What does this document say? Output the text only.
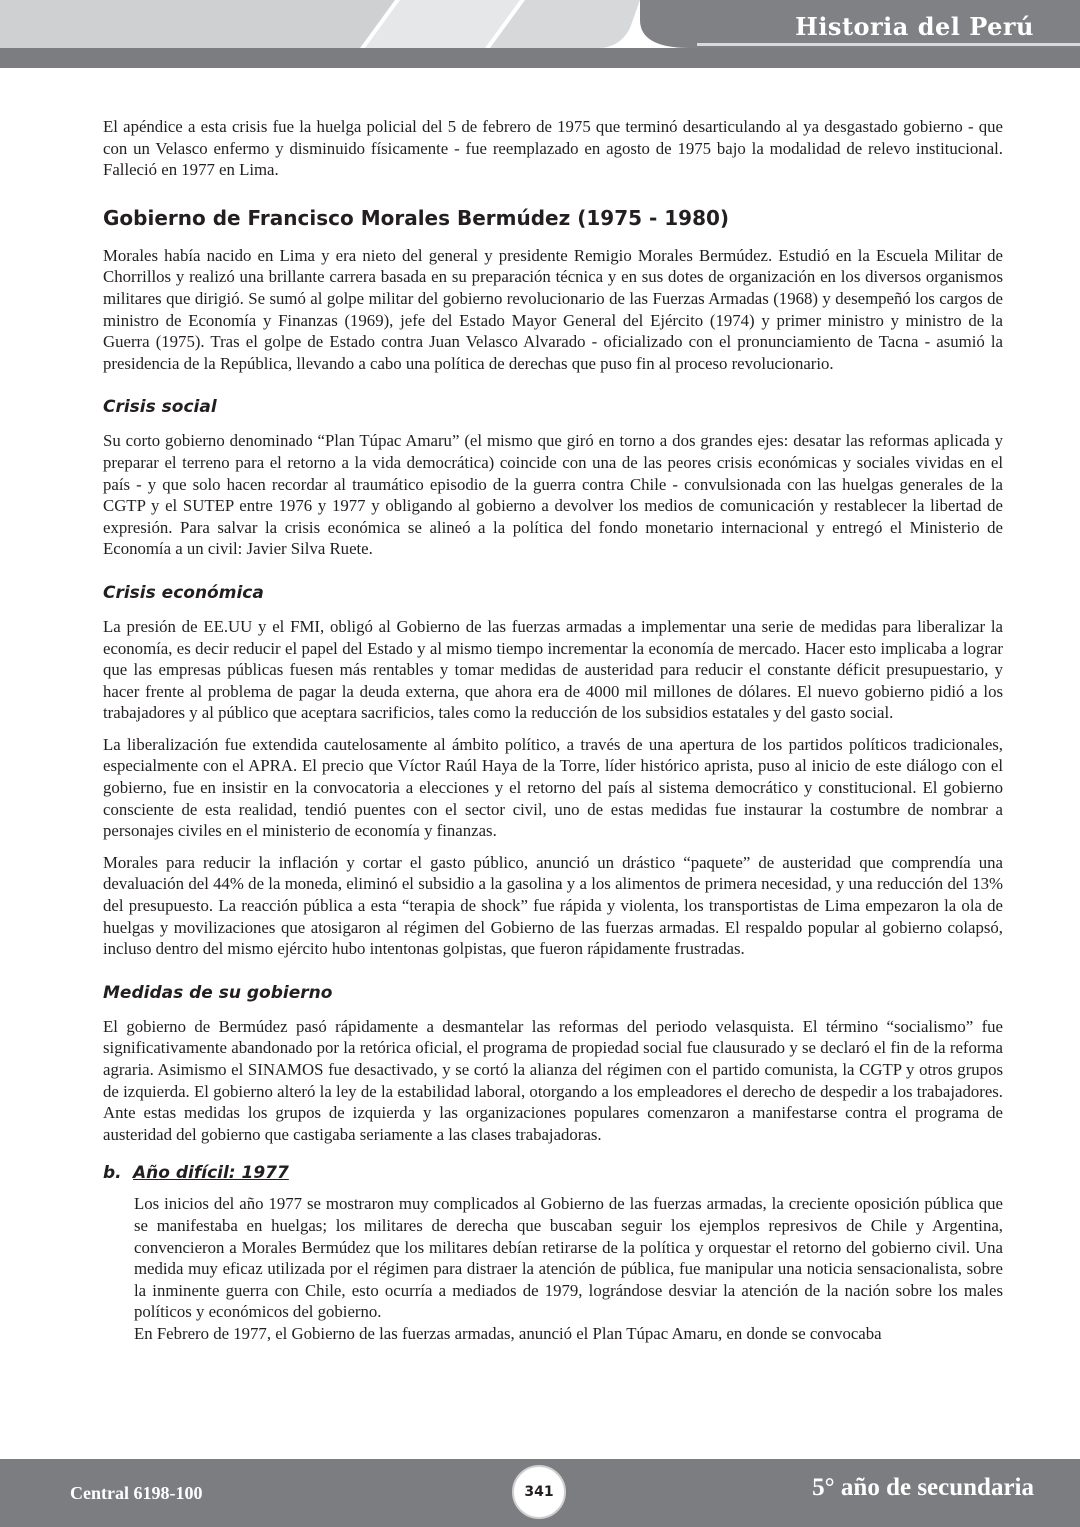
Historia del Perú

El apéndice a esta crisis fue la huelga policial del 5 de febrero de 1975 que terminó desarticulando al ya desgastado gobierno - que con un Velasco enfermo y disminuido físicamente - fue reemplazado en agosto de 1975 bajo la modalidad de relevo institucional. Falleció en 1977 en Lima.

Gobierno de Francisco Morales Bermúdez (1975 - 1980)

Morales había nacido en Lima y era nieto del general y presidente Remigio Morales Bermúdez. Estudió en la Escuela Militar de Chorrillos y realizó una brillante carrera basada en su preparación técnica y en sus dotes de organización en los diversos organismos militares que dirigió. Se sumó al golpe militar del gobierno revolucionario de las Fuerzas Armadas (1968) y desempeñó los cargos de ministro de Economía y Finanzas (1969), jefe del Estado Mayor General del Ejército (1974) y primer ministro y ministro de la Guerra (1975). Tras el golpe de Estado contra Juan Velasco Alvarado - oficializado con el pronunciamiento de Tacna - asumió la presidencia de la República, llevando a cabo una política de derechas que puso fin al proceso revolucionario.

Crisis social

Su corto gobierno denominado “Plan Túpac Amaru” (el mismo que giró en torno a dos grandes ejes: desatar las reformas aplicada y preparar el terreno para el retorno a la vida democrática) coincide con una de las peores crisis económicas y sociales vividas en el país - y que solo hacen recordar al traumático episodio de la guerra contra Chile - convulsionada con las huelgas generales de la CGTP y el SUTEP entre 1976 y 1977 y obligando al gobierno a devolver los medios de comunicación y restablecer la libertad de expresión. Para salvar la crisis económica se alineó a la política del fondo monetario internacional y entregó el Ministerio de Economía a un civil: Javier Silva Ruete.

Crisis económica

La presión de EE.UU y el FMI, obligó al Gobierno de las fuerzas armadas a implementar una serie de medidas para liberalizar la economía, es decir reducir el papel del Estado y al mismo tiempo incrementar la economía de mercado. Hacer esto implicaba a lograr que las empresas públicas fuesen más rentables y tomar medidas de austeridad para reducir el constante déficit presupuestario, y hacer frente al problema de pagar la deuda externa, que ahora era de 4000 mil millones de dólares. El nuevo gobierno pidió a los trabajadores y al público que aceptara sacrificios, tales como la reducción de los subsidios estatales y del gasto social.

La liberalización fue extendida cautelosamente al ámbito político, a través de una apertura de los partidos políticos tradicionales, especialmente con el APRA. El precio que Víctor Raúl Haya de la Torre, líder histórico aprista, puso al inicio de este diálogo con el gobierno, fue en insistir en la convocatoria a elecciones y el retorno del país al sistema democrático y constitucional. El gobierno consciente de esta realidad, tendió puentes con el sector civil, uno de estas medidas fue instaurar la costumbre de nombrar a personajes civiles en el ministerio de economía y finanzas.

Morales para reducir la inflación y cortar el gasto público, anunció un drástico “paquete” de austeridad que comprendía una devaluación del 44% de la moneda, eliminó el subsidio a la gasolina y a los alimentos de primera necesidad, y una reducción del 13% del presupuesto. La reacción pública a esta “terapia de shock” fue rápida y violenta, los transportistas de Lima empezaron la ola de huelgas y movilizaciones que atosigaron al régimen del Gobierno de las fuerzas armadas. El respaldo popular al gobierno colapsó, incluso dentro del mismo ejército hubo intentonas golpistas, que fueron rápidamente frustradas.

Medidas de su gobierno

El gobierno de Bermúdez pasó rápidamente a desmantelar las reformas del periodo velasquista. El término “socialismo” fue significativamente abandonado por la retórica oficial, el programa de propiedad social fue clausurado y se declaró el fin de la reforma agraria. Asimismo el SINAMOS fue desactivado, y se cortó la alianza del régimen con el partido comunista, la CGTP y otros grupos de izquierda. El gobierno alteró la ley de la estabilidad laboral, otorgando a los empleadores el derecho de despedir a los trabajadores. Ante estas medidas los grupos de izquierda y las organizaciones populares comenzaron a manifestarse contra el programa de austeridad del gobierno que castigaba seriamente a las clases trabajadoras.

b. Año difícil: 1977

Los inicios del año 1977 se mostraron muy complicados al Gobierno de las fuerzas armadas, la creciente oposición pública que se manifestaba en huelgas; los militares de derecha que buscaban seguir los ejemplos represivos de Chile y Argentina, convencieron a Morales Bermúdez que los militares debían retirarse de la política y orquestar el retorno del gobierno civil. Una medida muy eficaz utilizada por el régimen para distraer la atención de pública, fue manipular una noticia sensacionalista, sobre la inminente guerra con Chile, esto ocurría a mediados de 1979, lográndose desviar la atención de la nación sobre los males políticos y económicos del gobierno.

En Febrero de 1977, el Gobierno de las fuerzas armadas, anunció el Plan Túpac Amaru, en donde se convocaba

Central 6198-100	5° año de secundaria

341
